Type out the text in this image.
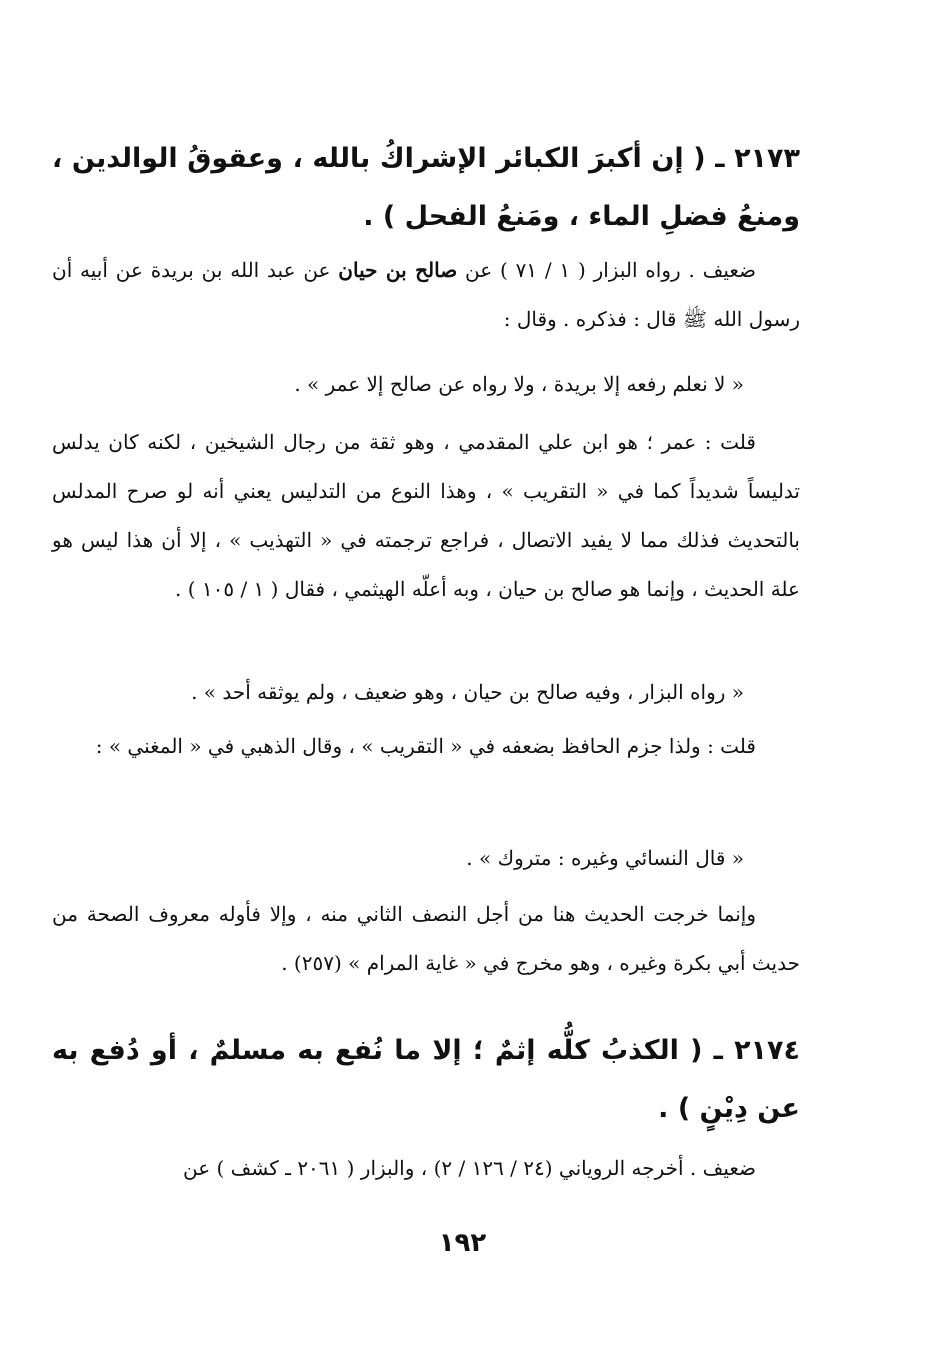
٢١٧٣ ـ ( إن أكبرَ الكبائر الإشراكُ بالله ، وعقوقُ الوالدين ، ومنعُ فضلِ الماء ، ومَنعُ الفحل ) .
ضعيف . رواه البزار ( ١ / ٧١ ) عن صالح بن حيان عن عبد الله بن بريدة عن أبيه أن رسول الله ﷺ قال : فذكره . وقال :
« لا نعلم رفعه إلا بريدة ، ولا رواه عن صالح إلا عمر » .
قلت : عمر ؛ هو ابن علي المقدمي ، وهو ثقة من رجال الشيخين ، لكنه كان يدلس تدليساً شديداً كما في « التقريب » ، وهذا النوع من التدليس يعني أنه لو صرح المدلس بالتحديث فذلك مما لا يفيد الاتصال ، فراجع ترجمته في « التهذيب » ، إلا أن هذا ليس هو علة الحديث ، وإنما هو صالح بن حيان ، وبه أعلّه الهيثمي ، فقال ( ١ / ١٠٥ ) .
« رواه البزار ، وفيه صالح بن حيان ، وهو ضعيف ، ولم يوثقه أحد » .
قلت : ولذا جزم الحافظ بضعفه في « التقريب » ، وقال الذهبي في « المغني » :
« قال النسائي وغيره : متروك » .
وإنما خرجت الحديث هنا من أجل النصف الثاني منه ، وإلا فأوله معروف الصحة من حديث أبي بكرة وغيره ، وهو مخرج في « غاية المرام » (٢٥٧) .
٢١٧٤ ـ ( الكذبُ كلُّه إثمٌ ؛ إلا ما نُفع به مسلمٌ ، أو دُفع به عن دِيْنٍ ) .
ضعيف . أخرجه الروياني (٢٤ / ١٢٦ / ٢) ، والبزار ( ٢٠٦١ ـ كشف ) عن
١٩٢
